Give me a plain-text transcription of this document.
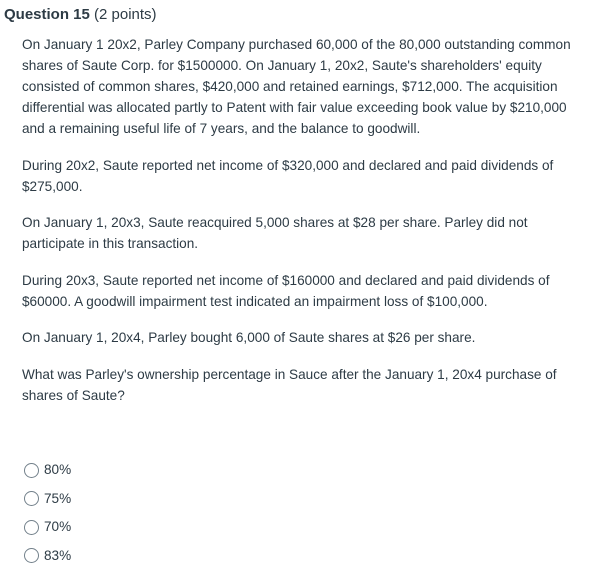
Question 15 (2 points)

On January 1 20x2, Parley Company purchased 60,000 of the 80,000 outstanding common shares of Saute Corp. for $1500000. On January 1, 20x2, Saute's shareholders' equity consisted of common shares, $420,000 and retained earnings, $712,000. The acquisition differential was allocated partly to Patent with fair value exceeding book value by $210,000 and a remaining useful life of 7 years, and the balance to goodwill.

During 20x2, Saute reported net income of $320,000 and declared and paid dividends of $275,000.

On January 1, 20x3, Saute reacquired 5,000 shares at $28 per share. Parley did not participate in this transaction.

During 20x3, Saute reported net income of $160000 and declared and paid dividends of $60000. A goodwill impairment test indicated an impairment loss of $100,000.

On January 1, 20x4, Parley bought 6,000 of Saute shares at $26 per share.

What was Parley's ownership percentage in Sauce after the January 1, 20x4 purchase of shares of Saute?

80%
75%
70%
83%
